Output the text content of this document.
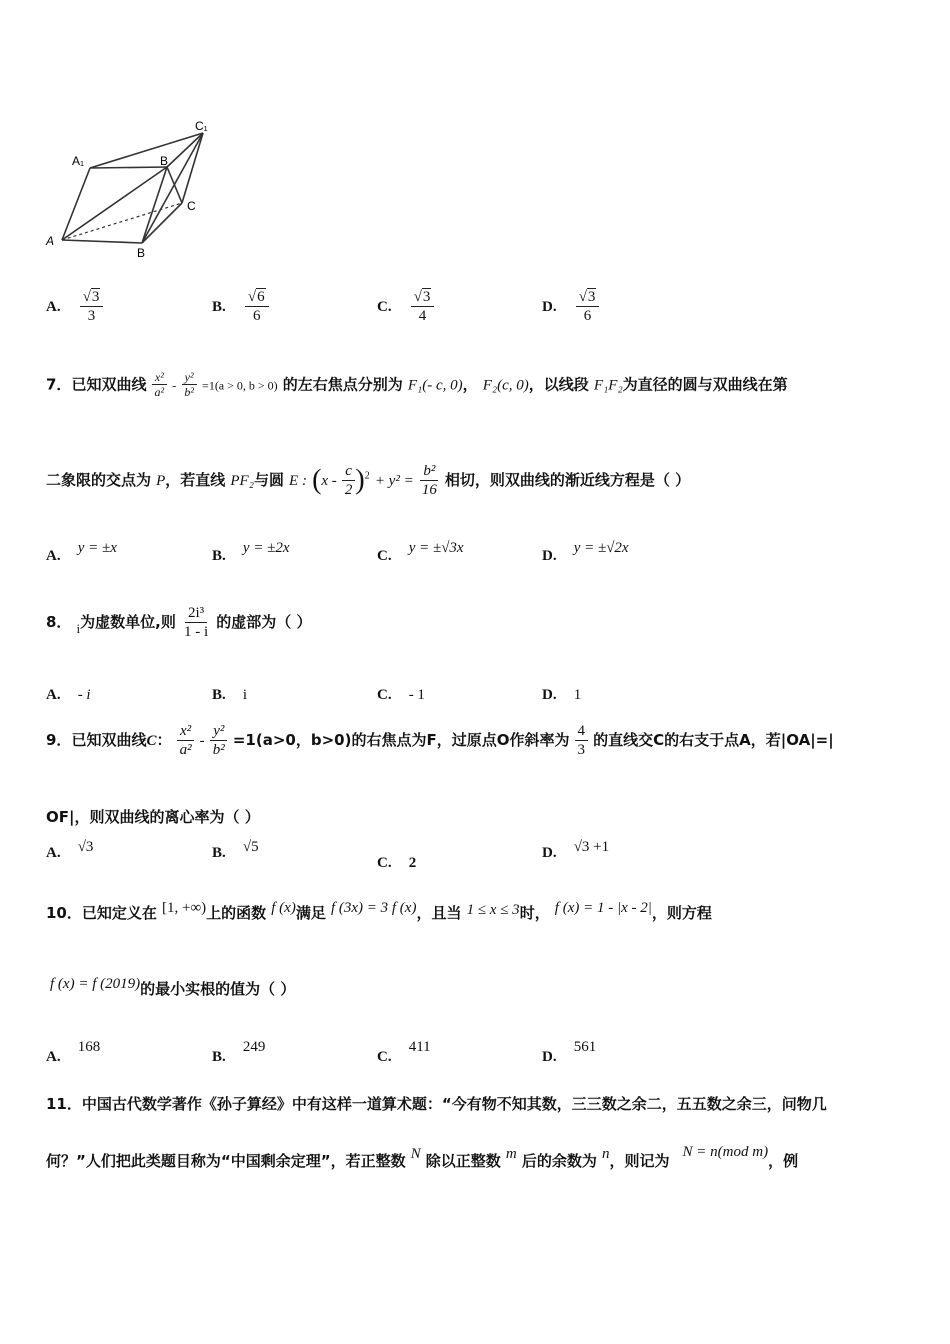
A₁	B
C₁
A
B
C
A. $\frac{√3}{3}$	B. $\frac{√6}{6}$	C. $\frac{√3}{4}$	D. $\frac{√3}{6}$
7．已知双曲线 $\frac{\text{x²}}{\text{a²}} - \frac{\text{y²}}{\text{b²}} =1(a > 0$, b > 0) 的左右焦点分别为 F₁(- c, 0)， F₂(c, 0)，以线段 F₁F₂为直径的圆与双曲线在第
二象限的交点为 P，若直线 PF₂与圆 E : $(x - \frac{c}{2} )^2 + y^2 = \frac{\text{b²}}{16}$ 相切，则双曲线的渐近线方程是（ ）
A. y = ±x	B. y = ±2x	C. y = ±√3x	D. y = ±√2x
8． $_i$为虚数单位,则 $\frac{\text{2i³}}{1 - i}$ 的虚部为（ ）
A. - i	B. i	C. - 1	D. 1
9．已知双曲线C： $\frac{\text{x²}}{\text{a²}} - \frac{\text{y²}}{\text{b²}} =1(a>0$，b>0)的右焦点为F，过原点O作斜率为 $\frac{4}{3}$ 的直线交C的右支于点A，若|OA|=|
OF|，则双曲线的离心率为（ ）
A. √3	B. √5
C. 2
D. √3 +1
10．已知定义在 [1, +∞)上的函数 f (x)满足 f (3x) = 3 f (x)，且当 1 ≤ x ≤ 3时， f (x) = 1 - |x - 2|，则方程
f (x) = f (2019)的最小实根的值为（ ）
A. 168
B. 249
C. 411
D. 561
11．中国古代数学著作《孙子算经》中有这样一道算术题：“今有物不知其数，三三数之余二，五五数之余三，问物几
何？”人们把此类题目称为“中国剩余定理”，若正整数 N 除以正整数 m 后的余数为 n，则记为 N = n(mod m)，例
